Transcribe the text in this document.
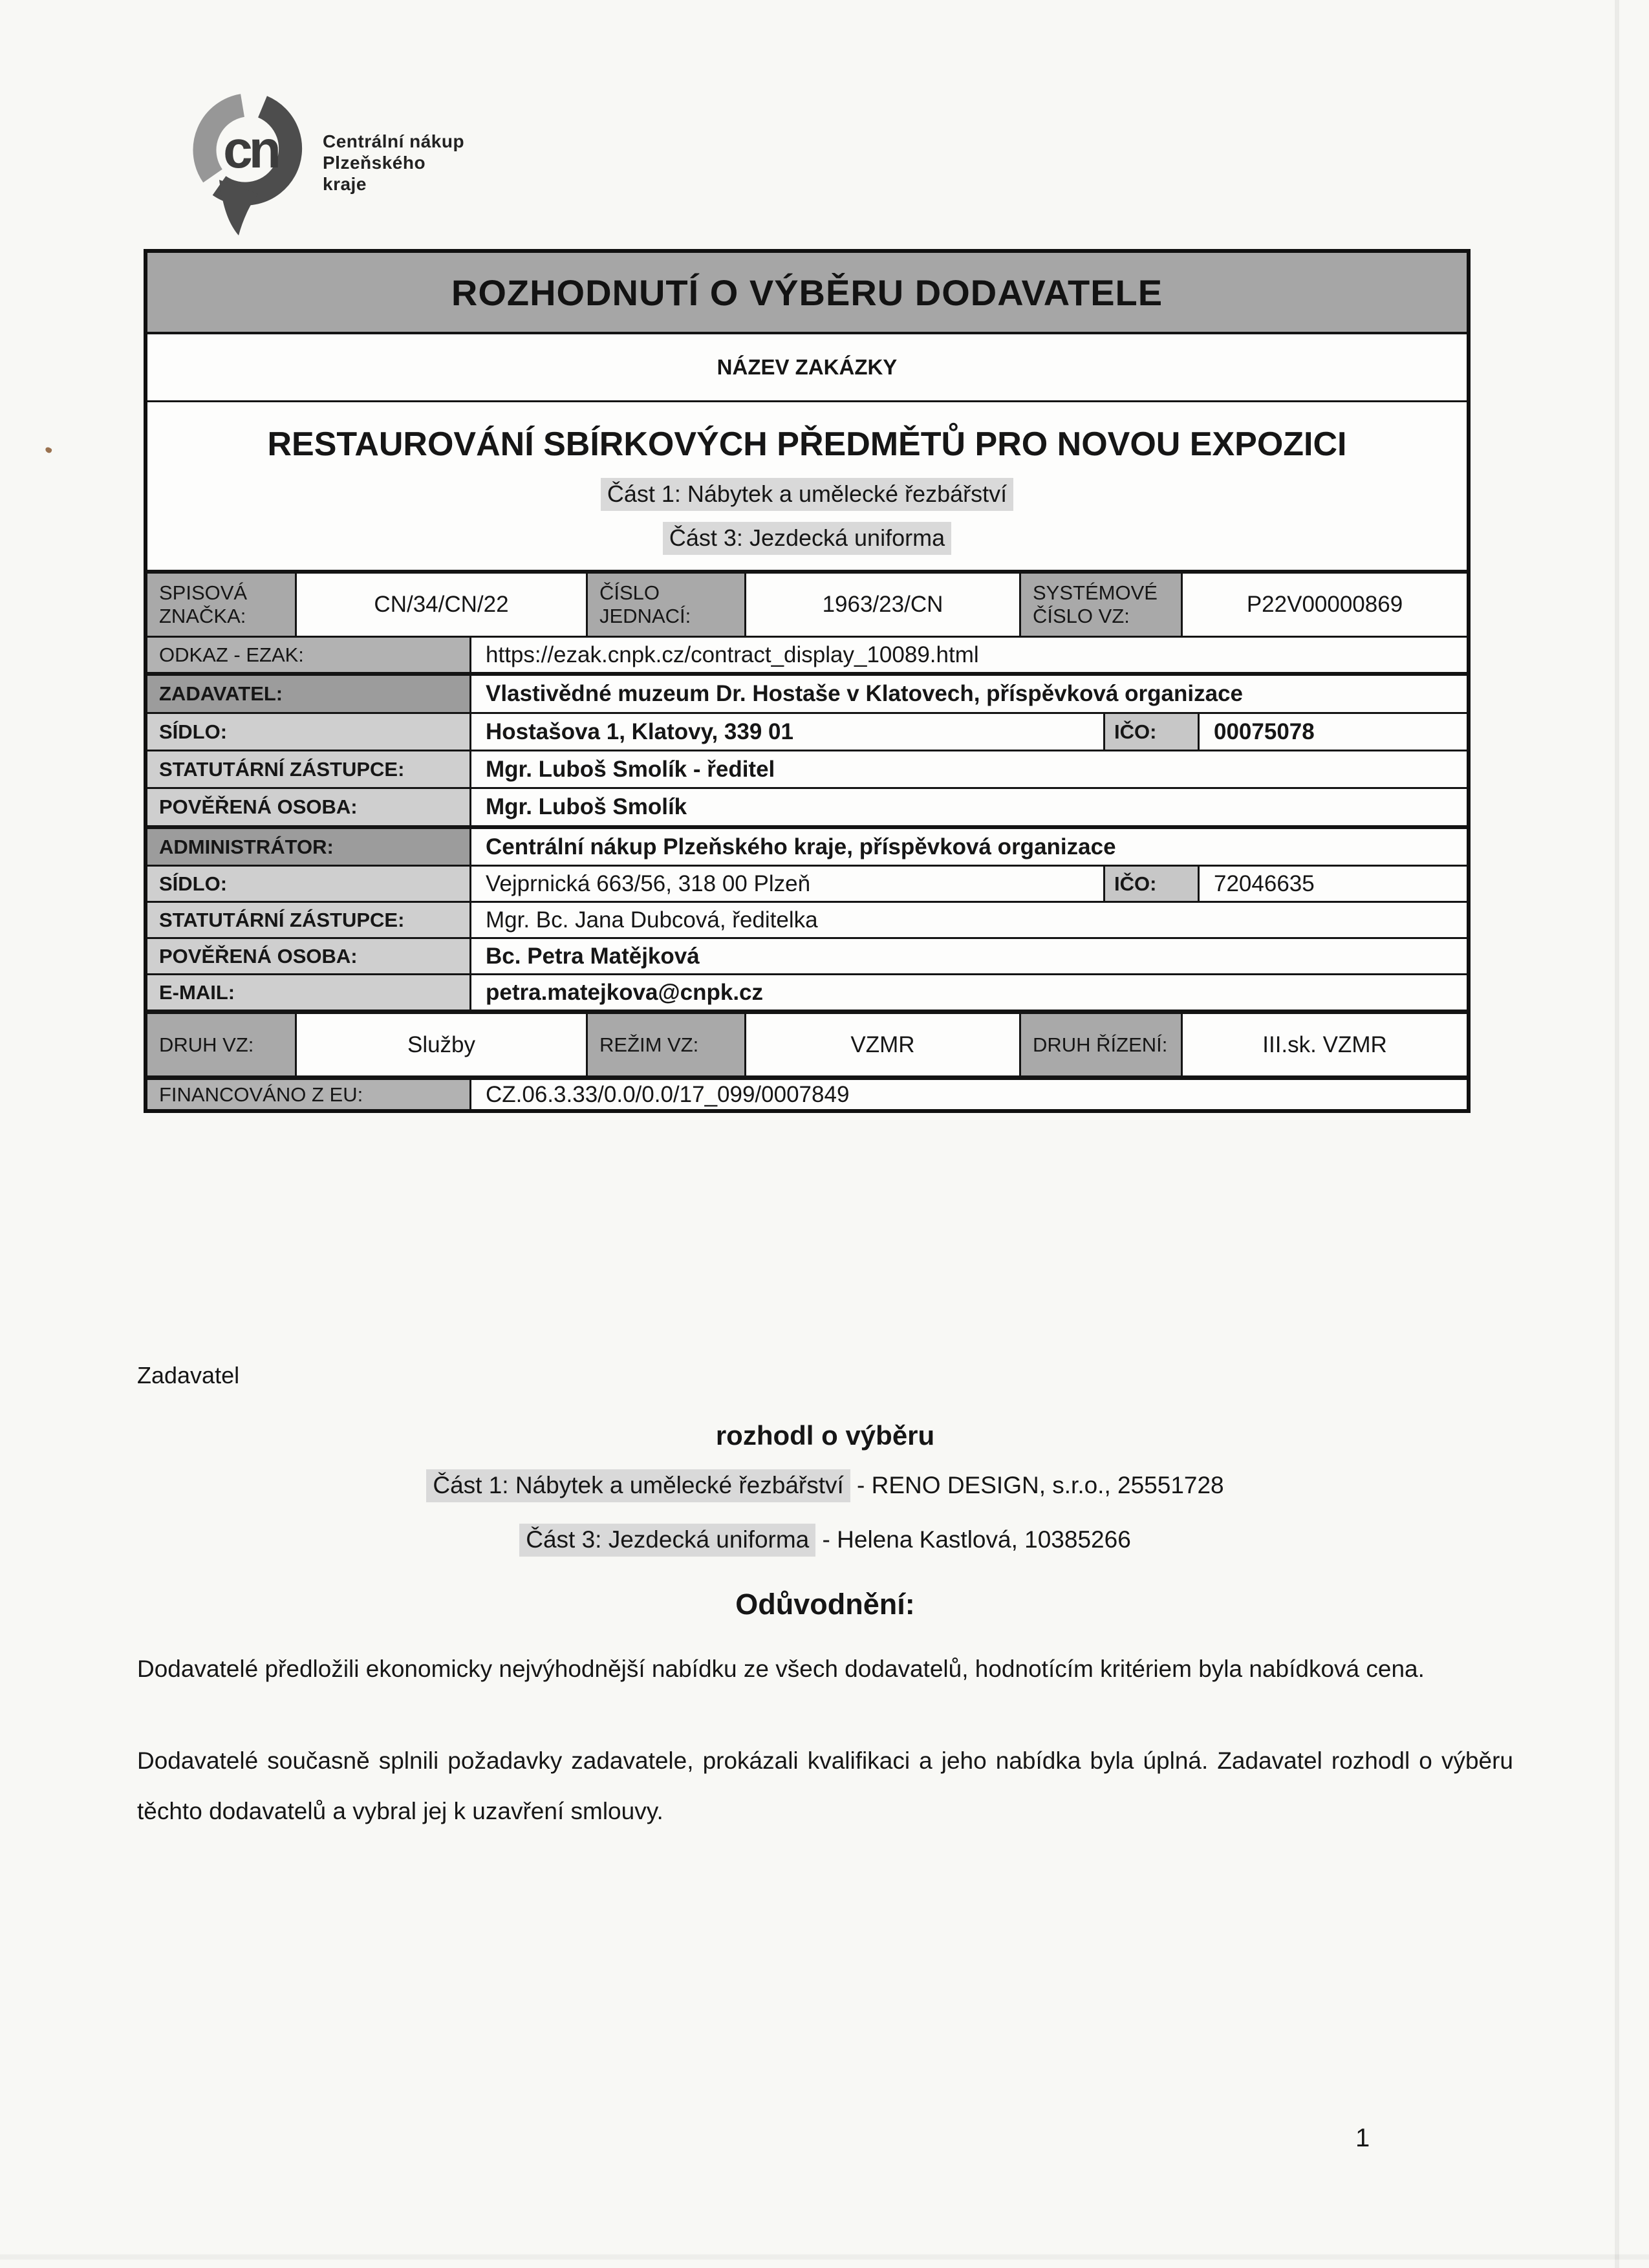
cn	Centrální nákup
Plzeňského
kraje
ROZHODNUTÍ O VÝBĚRU DODAVATELE
NÁZEV ZAKÁZKY
RESTAUROVÁNÍ SBÍRKOVÝCH PŘEDMĚTŮ PRO NOVOU EXPOZICI
Část 1: Nábytek a umělecké řezbářství
Část 3: Jezdecká uniforma
SPISOVÁ ZNAČKA:	CN/34/CN/22	ČÍSLO JEDNACÍ:	1963/23/CN	SYSTÉMOVÉ ČÍSLO VZ:	P22V00000869
ODKAZ - EZAK:	https://ezak.cnpk.cz/contract_display_10089.html
ZADAVATEL:	Vlastivědné muzeum Dr. Hostaše v Klatovech, příspěvková organizace
SÍDLO:	Hostašova 1, Klatovy, 339 01	IČO:	00075078
STATUTÁRNÍ ZÁSTUPCE:	Mgr. Luboš Smolík - ředitel
POVĚŘENÁ OSOBA:	Mgr. Luboš Smolík
ADMINISTRÁTOR:	Centrální nákup Plzeňského kraje, příspěvková organizace
SÍDLO:	Vejprnická 663/56, 318 00 Plzeň	IČO:	72046635
STATUTÁRNÍ ZÁSTUPCE:	Mgr. Bc. Jana Dubcová, ředitelka
POVĚŘENÁ OSOBA:	Bc. Petra Matějková
E-MAIL:	petra.matejkova@cnpk.cz
DRUH VZ:	Služby	REŽIM VZ:	VZMR	DRUH ŘÍZENÍ:	III.sk. VZMR
FINANCOVÁNO Z EU:	CZ.06.3.33/0.0/0.0/17_099/0007849
Zadavatel
rozhodl o výběru
Část 1: Nábytek a umělecké řezbářství - RENO DESIGN, s.r.o., 25551728
Část 3: Jezdecká uniforma - Helena Kastlová, 10385266
Odůvodnění:
Dodavatelé předložili ekonomicky nejvýhodnější nabídku ze všech dodavatelů, hodnotícím kritériem byla nabídková cena.
Dodavatelé současně splnili požadavky zadavatele, prokázali kvalifikaci a jeho nabídka byla úplná. Zadavatel rozhodl o výběru těchto dodavatelů a vybral jej k uzavření smlouvy.
1
